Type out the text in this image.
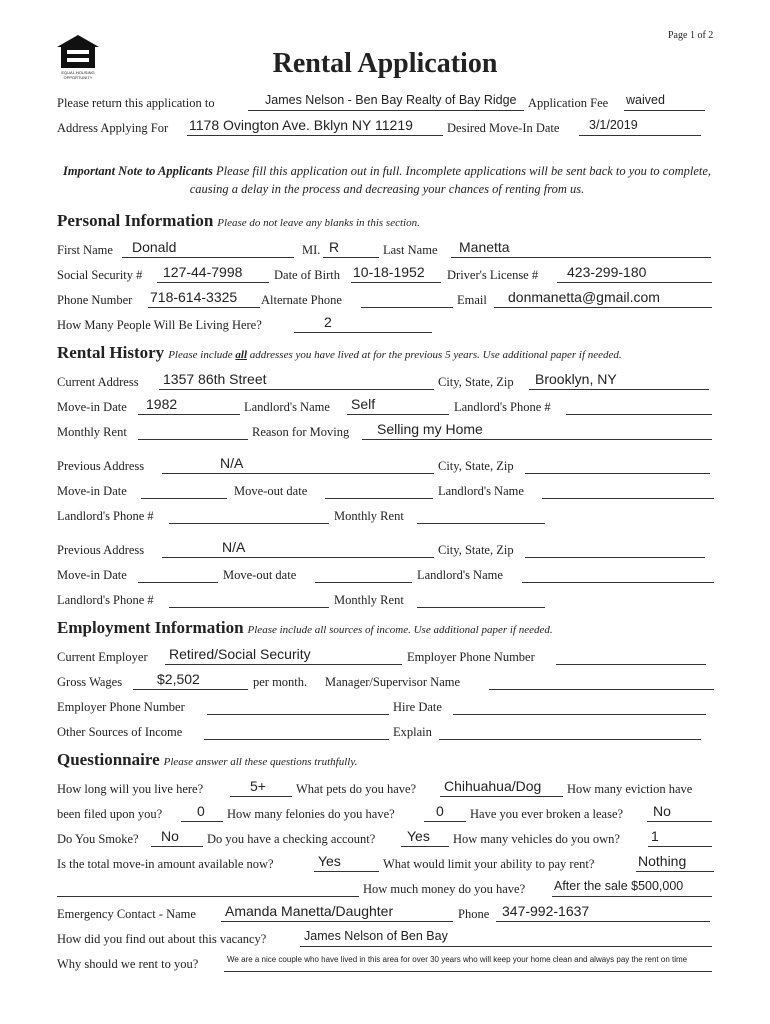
Page 1 of 2
EQUAL HOUSING OPPORTUNITY	Rental Application
Please return this application to	James Nelson - Ben Bay Realty of Bay Ridge Application Fee waived
Address Applying For 1178 Ovington Ave. Bklyn NY 11219	Desired Move-In Date 3/1/2019
Important Note to Applicants Please fill this application out in full. Incomplete applications will be sent back to you to complete, causing a delay in the process and decreasing your chances of renting from us.
Personal Information Please do not leave any blanks in this section.
First Name Donald	MI. R	Last Name Manetta
Social Security # 127-44-7998	Date of Birth 10-18-1952 Driver's License # 423-299-180
Phone Number 718-614-3325 Alternate Phone	Email donmanetta@gmail.com
How Many People Will Be Living Here?	2
Rental History Please include all addresses you have lived at for the previous 5 years. Use additional paper if needed.
Current Address 1357 86th Street	City, State, Zip Brooklyn, NY
Move-in Date 1982	Landlord's Name Self	Landlord's Phone #
Monthly Rent	Reason for Moving Selling my Home
Previous Address	N/A	City, State, Zip
Move-in Date	Move-out date	Landlord's Name
Landlord's Phone #	Monthly Rent
Previous Address	N/A	City, State, Zip
Move-in Date	Move-out date	Landlord's Name
Landlord's Phone #	Monthly Rent
Employment Information Please include all sources of income. Use additional paper if needed.
Current Employer Retired/Social Security	Employer Phone Number
Gross Wages $2,502	per month. Manager/Supervisor Name
Employer Phone Number	Hire Date
Other Sources of Income	Explain
Questionnaire Please answer all these questions truthfully.
How long will you live here?	5+ What pets do you have? Chihuahua/Dog How many eviction have
been filed upon you? 0 How many felonies do you have?	0 Have you ever broken a lease? No
Do You Smoke? No Do you have a checking account? Yes How many vehicles do you own? 1
Is the total move-in amount available now?	Yes	What would limit your ability to pay rent?	Nothing
How much money do you have? After the sale $500,000
Emergency Contact - Name Amanda Manetta/Daughter	Phone 347-992-1637
How did you find out about this vacancy?	James Nelson of Ben Bay
Why should we rent to you?	We are a nice couple who have lived in this area for over 30 years who will keep your home clean and always pay the rent on time
